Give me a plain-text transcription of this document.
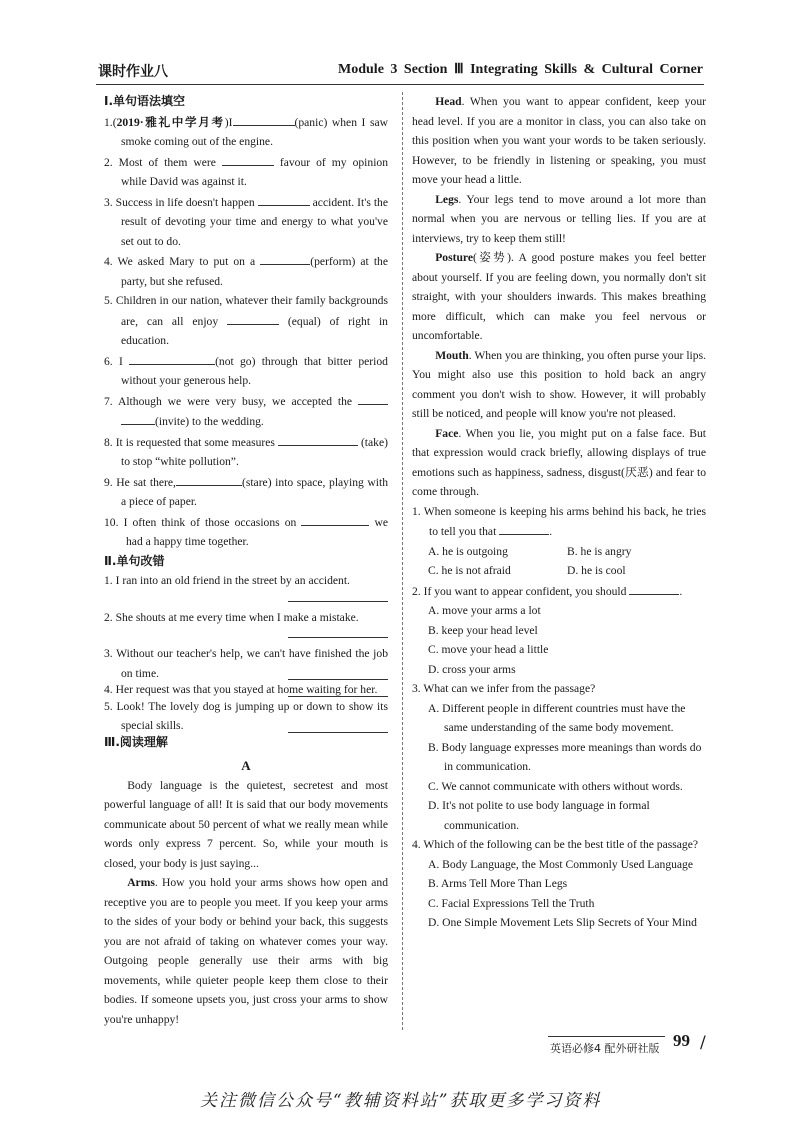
课时作业八	Module 3 Section Ⅲ Integrating Skills & Cultural Corner

Ⅰ.单句语法填空

1.(2019·雅礼中学月考)I	(panic) when I saw smoke coming out of the engine.

2. Most of them were	favour of my opinion while David was against it.

3. Success in life doesn't happen	accident. It's the result of devoting your time and energy to what you've set out to do.

4. We asked Mary to put on a	(perform) at the party, but she refused.

5. Children in our nation, whatever their family backgrounds are, can all enjoy	(equal) of right in education.

6. I	(not go) through that bitter period without your generous help.

7. Although we were very busy, we accepted the  (invite) to the wedding.

8. It is requested that some measures	(take) to stop “white pollution”.

9. He sat there,	(stare) into space, playing with a piece of paper.

10. I often think of those occasions on	we had a happy time together.

Ⅱ.单句改错

1. I ran into an old friend in the street by an accident.

2. She shouts at me every time when I make a mistake.

3. Without our teacher's help, we can't have finished the job on time.

4. Her request was that you stayed at home waiting for her.

5. Look! The lovely dog is jumping up or down to show its special skills.

Ⅲ.阅读理解

A

Body language is the quietest, secretest and most powerful language of all! It is said that our body movements communicate about 50 percent of what we really mean while words only express 7 percent. So, while your mouth is closed, your body is just saying...

Arms. How you hold your arms shows how open and receptive you are to people you meet. If you keep your arms to the sides of your body or behind your back, this suggests you are not afraid of taking on whatever comes your way. Outgoing people generally use their arms with big movements, while quieter people keep them close to their bodies. If someone upsets you, just cross your arms to show you're unhappy!

Head. When you want to appear confident, keep your head level. If you are a monitor in class, you can also take on this position when you want your words to be taken seriously. However, to be friendly in listening or speaking, you must move your head a little.

Legs. Your legs tend to move around a lot more than normal when you are nervous or telling lies. If you are at interviews, try to keep them still!

Posture(姿势). A good posture makes you feel better about yourself. If you are feeling down, you normally don't sit straight, with your shoulders inwards. This makes breathing more difficult, which can make you feel nervous or uncomfortable.

Mouth. When you are thinking, you often purse your lips. You might also use this position to hold back an angry comment you don't wish to show. However, it will probably still be noticed, and people will know you're not pleased.

Face. When you lie, you might put on a false face. But that expression would crack briefly, allowing displays of true emotions such as happiness, sadness, disgust(厌恶) and fear to come through.

1. When someone is keeping his arms behind his back, he tries to tell you that	.

A. he is outgoing	B. he is angry
C. he is not afraid	D. he is cool

2. If you want to appear confident, you should	.

A. move your arms a lot

B. keep your head level

C. move your head a little

D. cross your arms

3. What can we infer from the passage?

A. Different people in different countries must have the same understanding of the same body movement.

B. Body language expresses more meanings than words do in communication.

C. We cannot communicate with others without words.

D. It's not polite to use body language in formal communication.

4. Which of the following can be the best title of the passage?

A. Body Language, the Most Commonly Used Language

B. Arms Tell More Than Legs

C. Facial Expressions Tell the Truth

D. One Simple Movement Lets Slip Secrets of Your Mind

英语必修4 配外研社版 99 /
关注微信公众号“教辅资料站”获取更多学习资料
